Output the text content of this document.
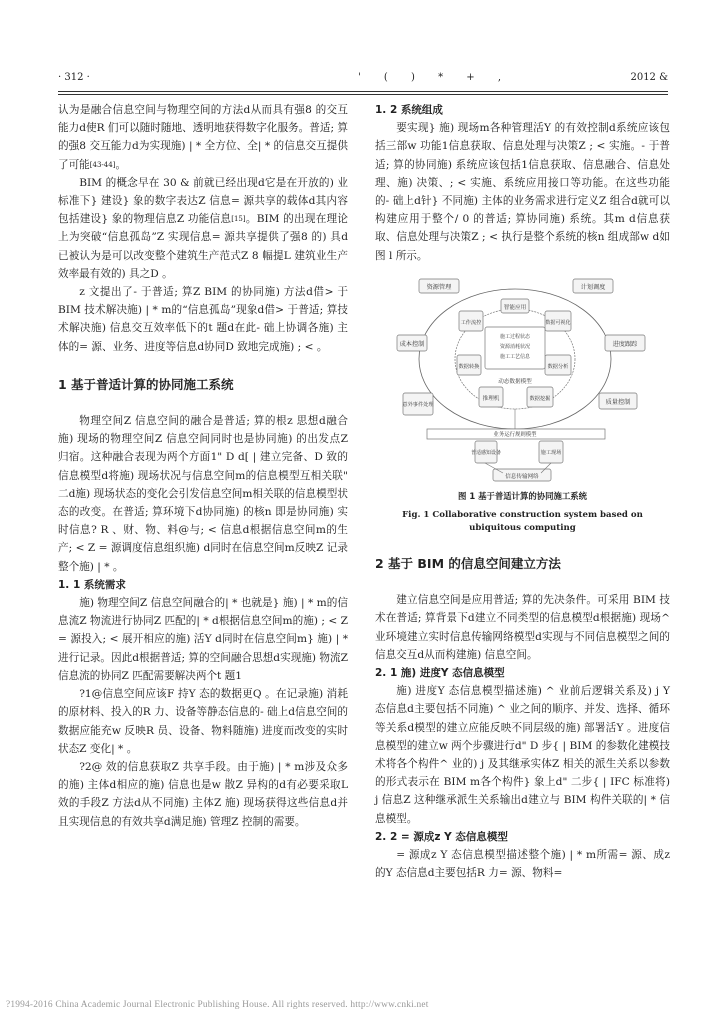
· 312 ·	' ( ) * + ,	2012 &

认为是融合信息空间与物理空间的方法d从而具有强8 的交互能力d使R 们可以随时随地、透明地获得数字化服务。普适; 算的强8 交互能力d为实现施) | * 全方位、全| * 的信息交互提供了可能[43-44]。

BIM 的概念早在 30 & 前就已经出现d它是在开放的) 业标准下} 建设} 象的数字表达Z 信息= 源共享的载体d其内容包括建设} 象的物理信息Z 功能信息[15]。BIM 的出现在理论上为突破“信息孤岛”Z 实现信息= 源共享提供了强8 的) 具d已被认为是可以改变整个建筑生产范式Z 8 幅提L 建筑业生产效率最有效的) 具之D 。

z 文提出了- 于普适; 算Z BIM 的协同施) 方法d借> 于 BIM 技术解决施) | * m的“信息孤岛”现象d借> 于普适; 算技术解决施) 信息交互效率低下的t 题d在此- 础上协调各施) 主体的= 源、业务、进度等信息d协同D 致地完成施) ; < 。

1 基于普适计算的协同施工系统

物理空间Z 信息空间的融合是普适; 算的根z 思想d融合施) 现场的物理空间Z 信息空间同时也是协同施) 的出发点Z 归宿。这种融合表现为两个方面1" D d[ | 建立完备、D 致的信息模型d将施) 现场状况与信息空间m的信息模型互相关联" 二d施) 现场状态的变化会引发信息空间m相关联的信息模型状态的改变。在普适; 算环境下d协同施) 的核n 即是协同施) 实时信息? R 、财、物、料@与; < 信息d根据信息空间m的生产; < Z = 源调度信息组织施) d同时在信息空间m反映Z 记录整个施) | * 。

1. 1 系统需求

施) 物理空间Z 信息空间融合的| * 也就是} 施) | * m的信息流Z 物流进行协同Z 匹配的| * d根据信息空间m的施) ; < Z = 源投入; < 展开相应的施) 活Y d同时在信息空间m} 施) | * 进行记录。因此d根据普适; 算的空间融合思想d实现施) 物流Z 信息流的协同Z 匹配需要解决两个t 题1

?1@信息空间应该F 持Y 态的数据更Q 。在记录施) 消耗的原材料、投入的R 力、设备等静态信息的- 础上d信息空间的数据应能充w 反映R 员、设备、物料随施) 进度而改变的实时状态Z 变化| * 。

?2@ 效的信息获取Z 共享手段。由于施) | * m涉及众多的施) 主体d相应的施) 信息也是w 散Z 异构的d有必要采取L 效的手段Z 方法d从不同施) 主体Z 施) 现场获得这些信息d并且实现信息的有效共享d满足施) 管理Z 控制的需要。

1. 2 系统组成

要实现} 施) 现场m各种管理活Y 的有效控制d系统应该包括三部w 功能1信息获取、信息处理与决策Z ; < 实施。- 于普适; 算的协同施) 系统应该包括1信息获取、信息融合、信息处理、施) 决策、; < 实施、系统应用接口等功能。在这些功能的- 础上d针} 不同施) 主体的业务需求进行定义Z 组合d就可以构建应用于整个/ 0 的普适; 算协同施) 系统。其m d信息获取、信息处理与决策Z ; < 执行是整个系统的核n 组成部w d如图 l 所示。

资源管理	计划调度
成本控制	进度跟踪
意外事件处理	质量控制
智能应用
工作流控	数据可视化
数据转换	数据分析
推理机	数据挖掘
施工过程状态
资源消耗状况
施工工艺信息
动态数据模型
业务运行规则模型
普适感知设备	施工现场
信息传输网络
图 1 基于普适计算的协同施工系统
Fig. 1 Collaborative construction system based on
ubiquitous computing
2 基于 BIM 的信息空间建立方法

建立信息空间是应用普适; 算的先决条件。可采用 BIM 技术在普适; 算背景下d建立不同类型的信息模型d根据施) 现场^ 业环境建立实时信息传输网络模型d实现与不同信息模型之间的信息交互d从而构建施) 信息空间。

2. 1 施) 进度Y 态信息模型

施) 进度Y 态信息模型描述施) ^ 业前后逻辑关系及) j Y 态信息d主要包括不同施) ^ 业之间的顺序、并发、选择、循环等关系d模型的建立应能反映不同层级的施) 部署活Y 。进度信息模型的建立w 两个步骤进行d" D 步{ | BIM 的参数化建模技术将各个构件^ 业的) j 及其继承实体Z 相关的派生关系以参数的形式表示在 BIM m各个构件} 象上d" 二步{ | IFC 标准将) j 信息Z 这种继承派生关系输出d建立与 BIM 构件关联的| * 信息模型。

2. 2 = 源成z Y 态信息模型

= 源成z Y 态信息模型描述整个施) | * m所需= 源、成z 的Y 态信息d主要包括R 力= 源、物料=

?1994-2016 China Academic Journal Electronic Publishing House. All rights reserved. http://www.cnki.net
